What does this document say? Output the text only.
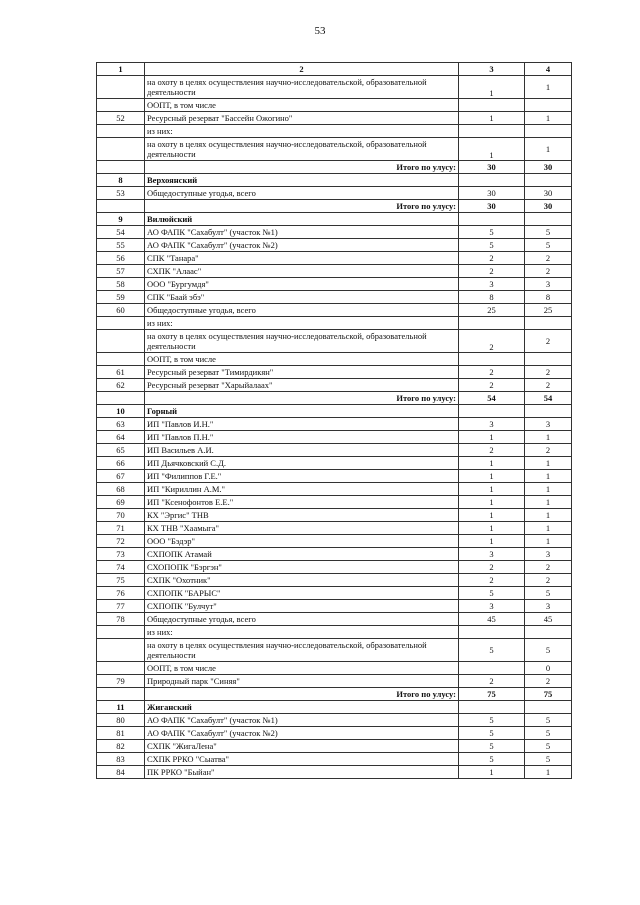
53
1	2	3	4
	на охоту в целях осуществления научно-исследовательской, образовательной деятельности	1	1
	ООПТ, в том числе		
52	Ресурсный резерват "Бассейн Ожогино"	1	1
	из них:		
	на охоту в целях осуществления научно-исследовательской, образовательной деятельности	1	1
	Итого по улусу:	30	30
8	Верхоянский		
53	Общедоступные угодья, всего	30	30
	Итого по улусу:	30	30
9	Вилюйский		
54	АО ФАПК "Сахабулт" (участок №1)	5	5
55	АО ФАПК "Сахабулт" (участок №2)	5	5
56	СПК "Танара"	2	2
57	СХПК "Алаас"	2	2
58	ООО "Бургумдя"	3	3
59	СПК "Баай эбэ"	8	8
60	Общедоступные угодья, всего	25	25
	из них:		
	на охоту в целях осуществления научно-исследовательской, образовательной деятельности	2	2
	ООПТ, в том числе		
61	Ресурсный резерват "Тимирдикян"	2	2
62	Ресурсный резерват "Харыйалаах"	2	2
	Итого по улусу:	54	54
10	Горный		
63	ИП "Павлов И.Н."	3	3
64	ИП "Павлов П.Н."	1	1
65	ИП Васильев А.И.	2	2
66	ИП Дьячковский С.Д.	1	1
67	ИП "Филиппов Г.Е."	1	1
68	ИП "Кириллин А.М."	1	1
69	ИП "Ксенофонтов Е.Е."	1	1
70	КХ "Эргис" ТНВ	1	1
71	КХ ТНВ "Хаамыга"	1	1
72	ООО "Бэдэр"	1	1
73	СХПОПК Атамай	3	3
74	СХОПОПК "Бэргэн"	2	2
75	СХПК "Охотник"	2	2
76	СХПОПК "БАРЫС"	5	5
77	СХПОПК "Булчут"	3	3
78	Общедоступные угодья, всего	45	45
	из них:		
	на охоту в целях осуществления научно-исследовательской, образовательной деятельности	5	5
	ООПТ, в том числе		0
79	Природный парк "Синяя"	2	2
	Итого по улусу:	75	75
11	Жиганский		
80	АО ФАПК "Сахабулт" (участок №1)	5	5
81	АО ФАПК "Сахабулт" (участок №2)	5	5
82	СХПК "ЖигаЛена"	5	5
83	СХПК РРКО "Сыатва"	5	5
84	ПК РРКО "Быйан"	1	1
